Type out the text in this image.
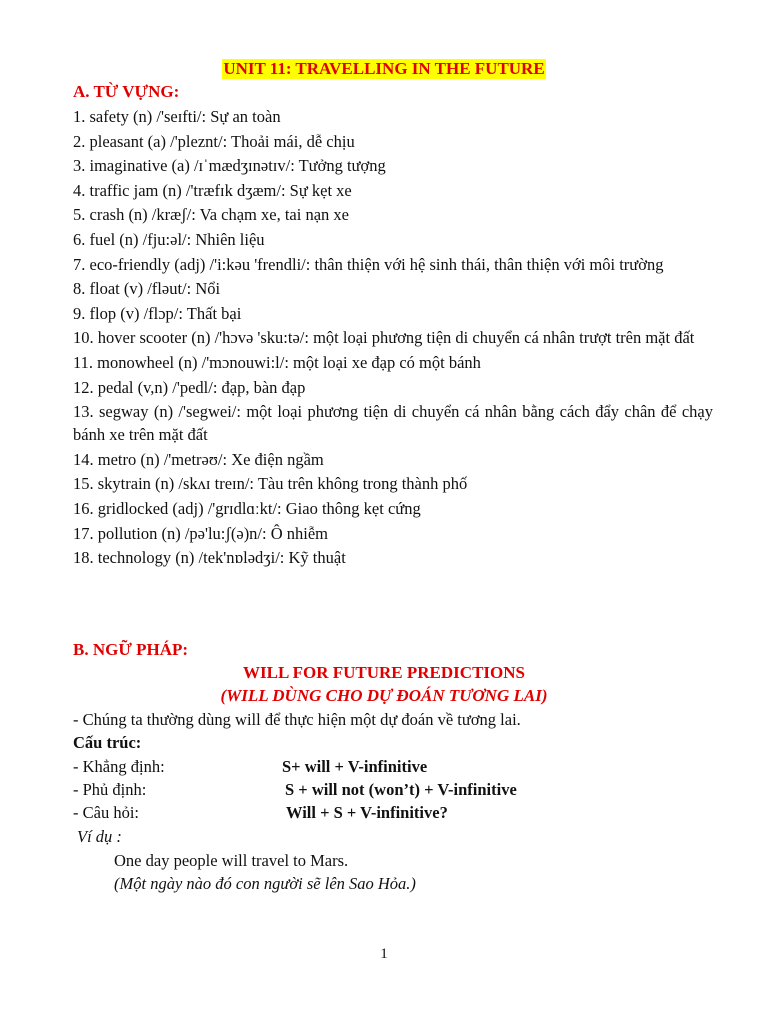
UNIT 11: TRAVELLING IN THE FUTURE
A. TỪ VỰNG:
1. safety (n) /'seɪfti/: Sự an toàn
2. pleasant (a) /'pleznt/: Thoải mái, dễ chịu
3. imaginative (a) /ɪˈmædʒɪnətɪv/: Tưởng tượng
4. traffic jam (n) /'træfɪk dʒæm/: Sự kẹt xe
5. crash (n) /kræʃ/: Va chạm xe, tai nạn xe
6. fuel (n) /fju:əl/: Nhiên liệu
7. eco-friendly (adj) /'i:kəu 'frendli/: thân thiện với hệ sinh thái, thân thiện với môi trường
8. float (v) /fləut/: Nổi
9. flop (v) /flɔp/: Thất bại
10. hover scooter (n) /'hɔvə 'sku:tə/: một loại phương tiện di chuyển cá nhân trượt trên mặt đất
11. monowheel (n) /'mɔnouwi:l/: một loại xe đạp có một bánh
12. pedal (v,n) /'pedl/: đạp, bàn đạp
13. segway (n) /'segwei/: một loại phương tiện di chuyển cá nhân bằng cách đẩy chân để chạy bánh xe trên mặt đất
14. metro (n) /'metrəʊ/: Xe điện ngầm
15. skytrain (n) /skʌɪ treɪn/: Tàu trên không trong thành phố
16. gridlocked (adj) /'grɪdlɑːkt/: Giao thông kẹt cứng
17. pollution (n) /pə'lu:ʃ(ə)n/: Ô nhiễm
18. technology (n) /tek'nɒlədʒi/: Kỹ thuật
B. NGỮ PHÁP:
WILL FOR FUTURE PREDICTIONS
(WILL DÙNG CHO DỰ ĐOÁN TƯƠNG LAI)
- Chúng ta thường dùng will để thực hiện một dự đoán về tương lai.
Cấu trúc:
- Khẳng định:	S+ will + V-infinitive
- Phủ định:	S + will not (won’t) + V-infinitive
- Câu hỏi:	Will + S + V-infinitive?
Ví dụ :
One day people will travel to Mars.
(Một ngày nào đó con người sẽ lên Sao Hỏa.)
1
